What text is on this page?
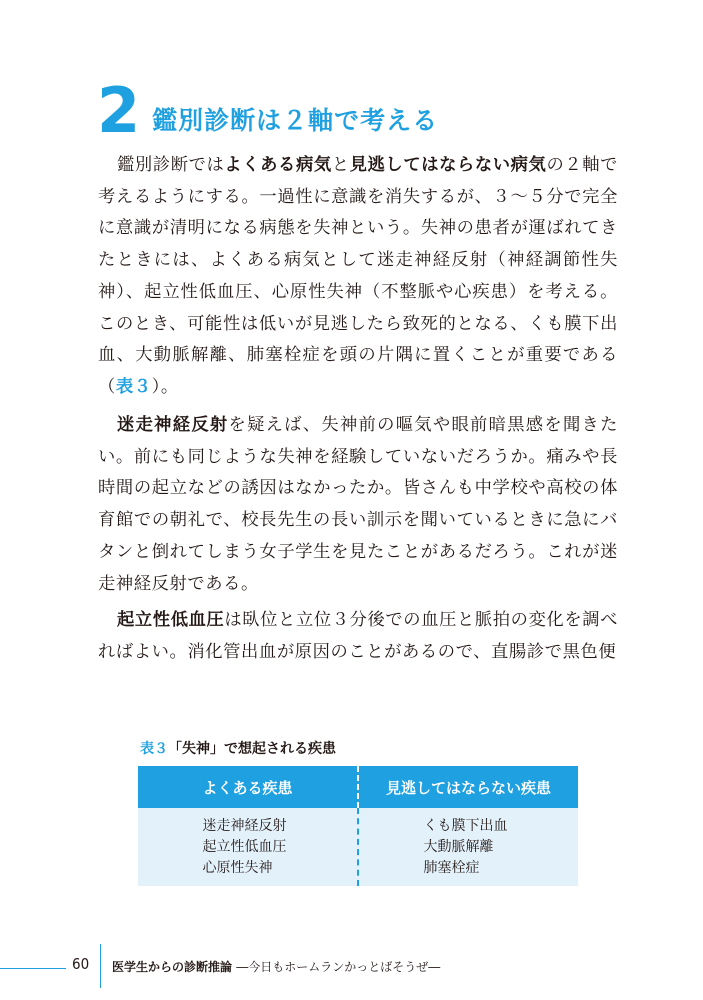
2 鑑別診断は２軸で考える

鑑別診断ではよくある病気と見逃してはならない病気の２軸で考えるようにする。一過性に意識を消失するが、３～５分で完全に意識が清明になる病態を失神という。失神の患者が運ばれてきたときには、よくある病気として迷走神経反射（神経調節性失神）、起立性低血圧、心原性失神（不整脈や心疾患）を考える。このとき、可能性は低いが見逃したら致死的となる、くも膜下出血、大動脈解離、肺塞栓症を頭の片隅に置くことが重要である（表３）。

迷走神経反射を疑えば、失神前の嘔気や眼前暗黒感を聞きたい。前にも同じような失神を経験していないだろうか。痛みや長時間の起立などの誘因はなかったか。皆さんも中学校や高校の体育館での朝礼で、校長先生の長い訓示を聞いているときに急にバタンと倒れてしまう女子学生を見たことがあるだろう。これが迷走神経反射である。

起立性低血圧は臥位と立位３分後での血圧と脈拍の変化を調べればよい。消化管出血が原因のことがあるので、直腸診で黒色便

表３「失神」で想起される疾患
よくある疾患	見逃してはならない疾患
迷走神経反射
起立性低血圧
心原性失神
くも膜下出血
大動脈解離
肺塞栓症
60 医学生からの診断推論 ―今日もホームランかっとばそうぜ―
